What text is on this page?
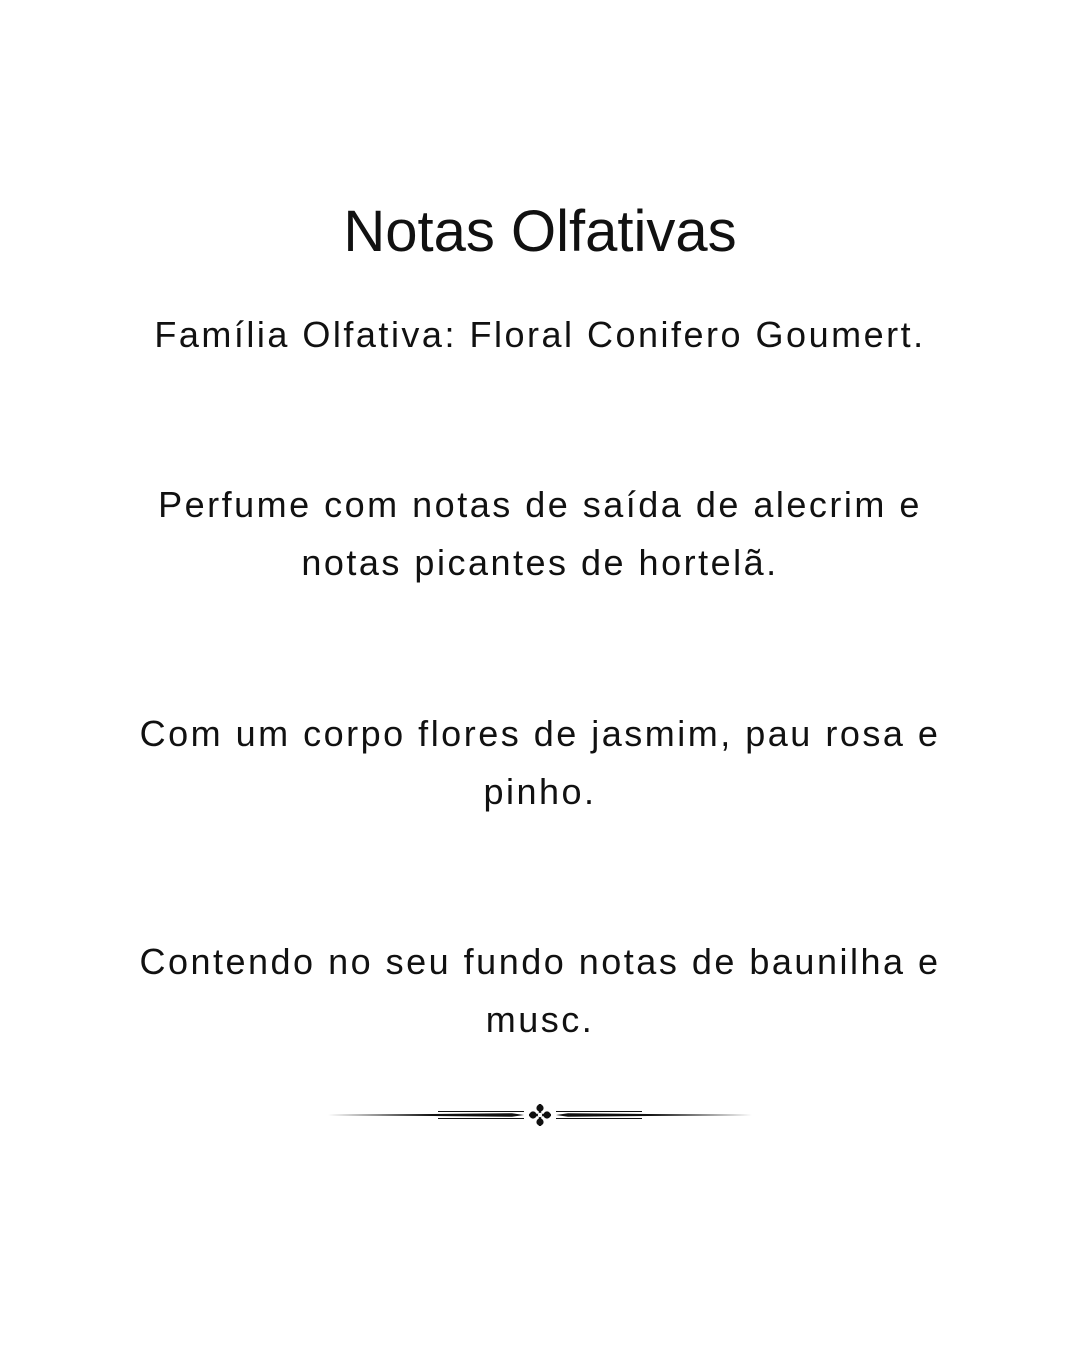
Notas Olfativas

Família Olfativa: Floral Conifero Goumert.

Perfume com notas de saída de alecrim e notas picantes de hortelã.

Com um corpo flores de jasmim, pau rosa e pinho.

Contendo no seu fundo notas de baunilha e musc.
